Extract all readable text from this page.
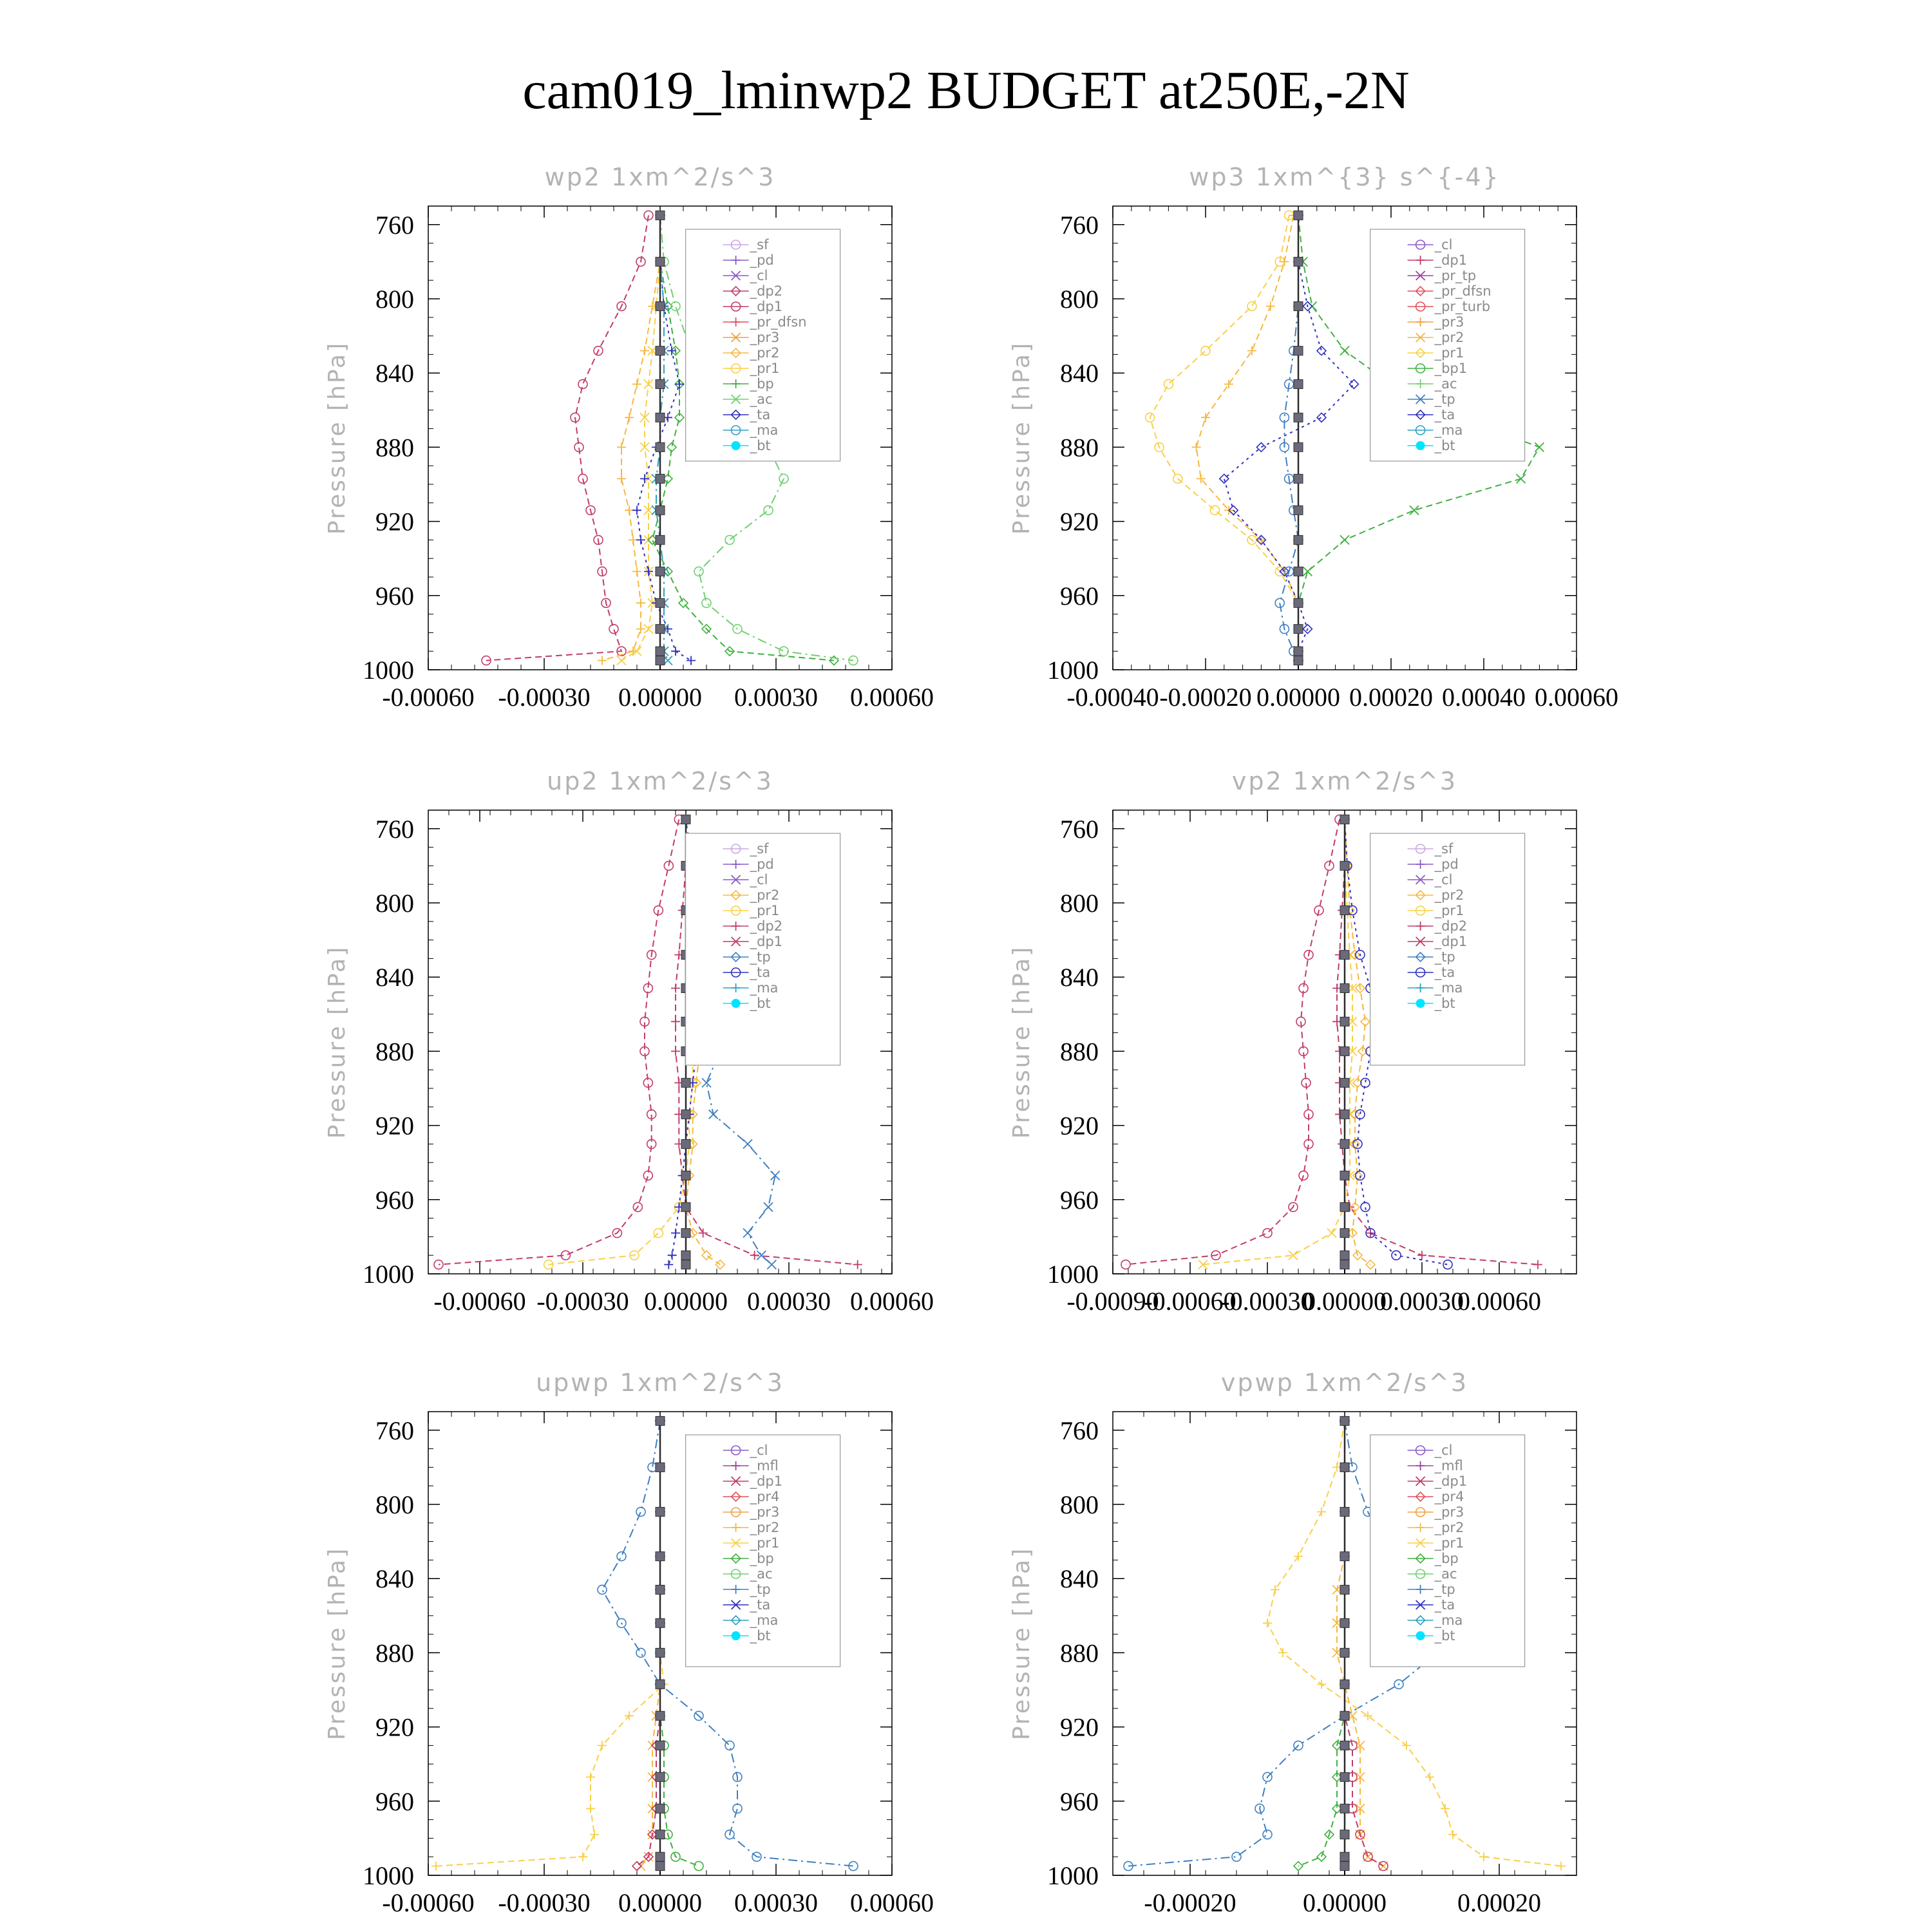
cam019_lminwp2 BUDGET at250E,-2N
wp2 1xm^2/s^3
Pressure [hPa]
760
800
840
880
920
960
1000
-0.00060 -0.00030 0.00000 0.00030 0.00060
_sf
_pd
_cl
_dp2
_dp1
_pr_dfsn
_pr3
_pr2
_pr1
_bp
_ac
_ta
_ma
_bt
wp3 1xm^{3} s^{-4}
Pressure [hPa]
760
800
840
880
920
960
1000
-0.00040 -0.00020 0.00000 0.00020 0.00040 0.00060
_cl
_dp1
_pr_tp
_pr_dfsn
_pr_turb
_pr3
_pr2
_pr1
_bp1
_ac
_tp
_ta
_ma
_bt
up2 1xm^2/s^3
Pressure [hPa]
760
800
840
880
920
960
1000
-0.00060 -0.00030 0.00000 0.00030 0.00060
_sf
_pd
_cl
_pr2
_pr1
_dp2
_dp1
_tp
_ta
_ma
_bt
vp2 1xm^2/s^3
Pressure [hPa]
760
800
840
880
920
960
1000
-0.00090
-0.00060
-0.00030
0.00000
0.00030
0.00060
_sf
_pd
_cl
_pr2
_pr1
_dp2
_dp1
_tp
_ta
_ma
_bt
upwp 1xm^2/s^3
Pressure [hPa]
760
800
840
880
920
960
1000
-0.00060 -0.00030 0.00000 0.00030 0.00060
_cl
_mfl
_dp1
_pr4
_pr3
_pr2
_pr1
_bp
_ac
_tp
_ta
_ma
_bt
vpwp 1xm^2/s^3
Pressure [hPa]
760
800
840
880
920
960
1000
-0.00020	0.00000	0.00020
_cl
_mfl
_dp1
_pr4
_pr3
_pr2
_pr1
_bp
_ac
_tp
_ta
_ma
_bt
